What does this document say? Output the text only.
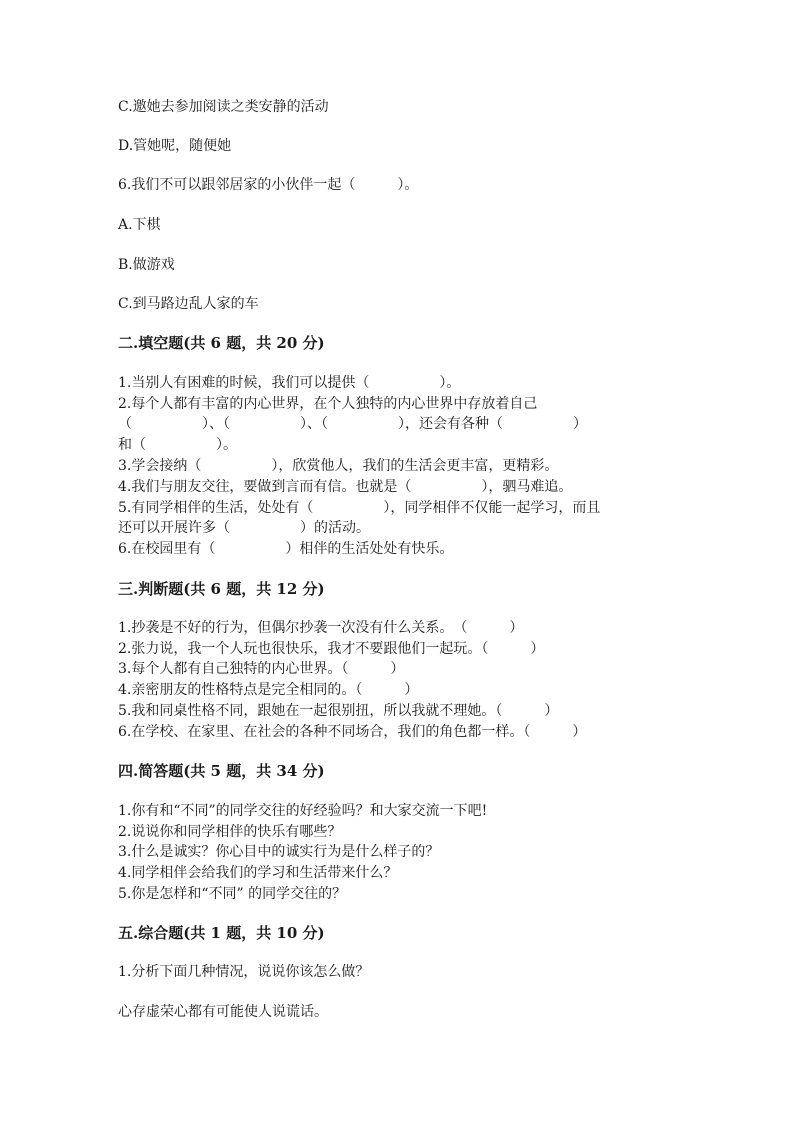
C.邀她去参加阅读之类安静的活动
D.管她呢，随便她
6.我们不可以跟邻居家的小伙伴一起（　　　）。
A.下棋
B.做游戏
C.到马路边乱人家的车
二.填空题(共 6 题，共 20 分)
1.当别人有困难的时候，我们可以提供（　　　　　）。
2.每个人都有丰富的内心世界，在个人独特的内心世界中存放着自己
（　　　　　）、（　　　　　）、（　　　　　），还会有各种（　　　　　）
和（　　　　　）。
3.学会接纳（　　　　　），欣赏他人，我们的生活会更丰富，更精彩。
4.我们与朋友交往，要做到言而有信。也就是（　　　　　），驷马难追。
5.有同学相伴的生活，处处有（　　　　　），同学相伴不仅能一起学习，而且
还可以开展许多（　　　　　）的活动。
6.在校园里有（　　　　　）相伴的生活处处有快乐。
三.判断题(共 6 题，共 12 分)
1.抄袭是不好的行为，但偶尔抄袭一次没有什么关系。　（　　　）
2.张力说，我一个人玩也很快乐，我才不要跟他们一起玩。（　　　）
3.每个人都有自己独特的内心世界。（　　　）
4.亲密朋友的性格特点是完全相同的。（　　　）
5.我和同桌性格不同，跟她在一起很别扭，所以我就不理她。（　　　）
6.在学校、在家里、在社会的各种不同场合，我们的角色都一样。（　　　）
四.简答题(共 5 题，共 34 分)
1.你有和“不同”的同学交往的好经验吗？和大家交流一下吧!
2.说说你和同学相伴的快乐有哪些？
3.什么是诚实？你心目中的诚实行为是什么样子的？
4.同学相伴会给我们的学习和生活带来什么？
5.你是怎样和“不同” 的同学交往的？
五.综合题(共 1 题，共 10 分)
1.分析下面几种情况，说说你该怎么做？
心存虚荣心都有可能使人说谎话。
